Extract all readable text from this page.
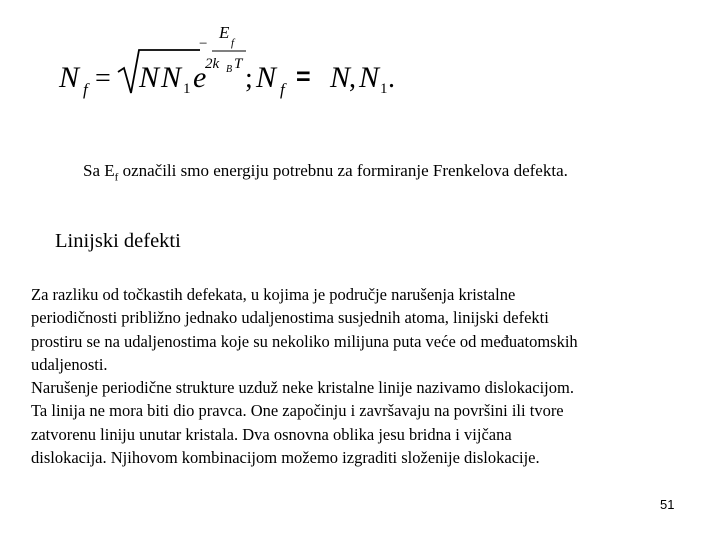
N f = N N 1 e
−
E
f
2k B T ; N f = N
, N 1 .
Sa $E_f$ označili smo energiju potrebnu za formiranje Frenkelova defekta.
Linijski defekti
Za razliku od točkastih defekata, u kojima je područje narušenja kristalne
periodičnosti približno jednako udaljenostima susjednih atoma, linijski defekti
prostiru se na udaljenostima koje su nekoliko milijuna puta veće od međuatomskih
udaljenosti.
Narušenje periodične strukture uzduž neke kristalne linije nazivamo dislokacijom.
Ta linija ne mora biti dio pravca. One započinju i završavaju na površini ili tvore
zatvorenu liniju unutar kristala. Dva osnovna oblika jesu bridna i vijčana
dislokacija. Njihovom kombinacijom možemo izgraditi složenije dislokacije.
51
